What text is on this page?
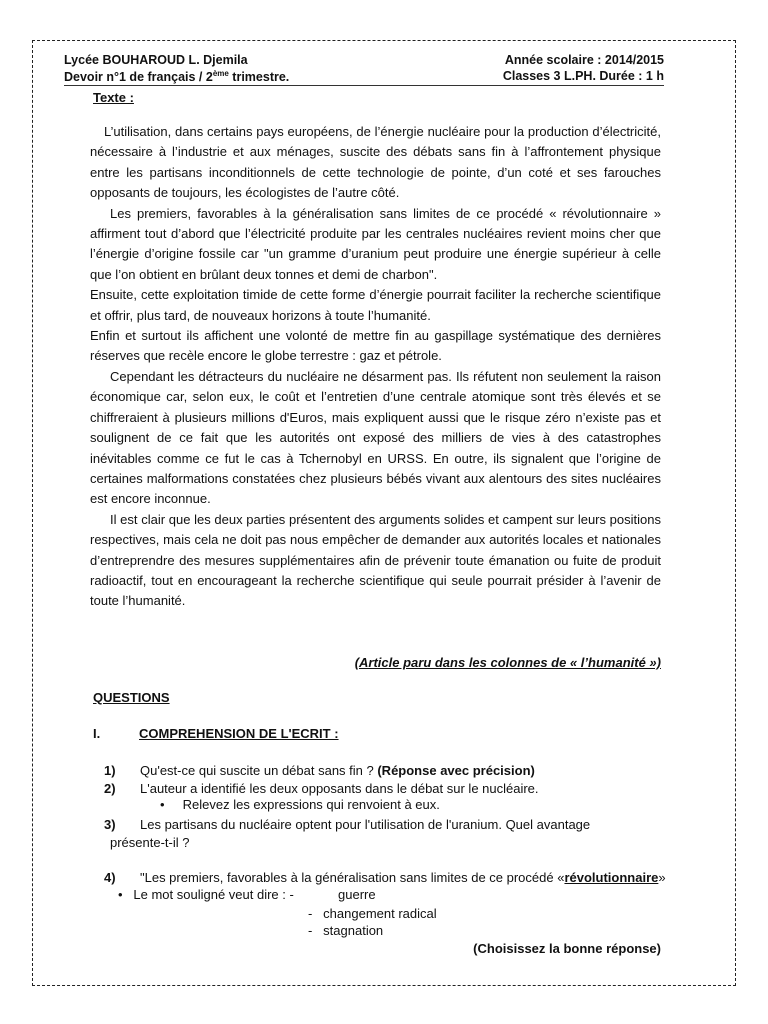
Lycée BOUHAROUD L. Djemila	Année scolaire : 2014/2015
Devoir n°1 de français / 2ème trimestre.	Classes 3 L.PH. Durée : 1 h
Texte :

L’utilisation, dans certains pays européens, de l’énergie nucléaire pour la production d’électricité, nécessaire à l’industrie et aux ménages, suscite des débats sans fin à l’affrontement physique entre les partisans inconditionnels de cette technologie de pointe, d’un coté et ses farouches opposants de toujours, les écologistes de l’autre côté.

Les premiers, favorables à la généralisation sans limites de ce procédé « révolutionnaire » affirment tout d’abord que l’électricité produite par les centrales nucléaires revient moins cher que l’énergie d’origine fossile car "un gramme d’uranium peut produire une énergie supérieur à celle que l’on obtient en brûlant deux tonnes et demi de charbon".

Ensuite, cette exploitation timide de cette forme d’énergie pourrait faciliter la recherche scientifique et offrir, plus tard, de nouveaux horizons à toute l’humanité.

Enfin et surtout ils affichent une volonté de mettre fin au gaspillage systématique des dernières réserves que recèle encore le globe terrestre : gaz et pétrole.

Cependant les détracteurs du nucléaire ne désarment pas. Ils réfutent non seulement la raison économique car, selon eux, le coût et l’entretien d’une centrale atomique sont très élevés et se chiffreraient à plusieurs millions d'Euros, mais expliquent aussi que le risque zéro n’existe pas et soulignent de ce fait que les autorités ont exposé des milliers de vies à des catastrophes inévitables comme ce fut le cas à Tchernobyl en URSS. En outre, ils signalent que l’origine de certaines malformations constatées chez plusieurs bébés vivant aux alentours des sites nucléaires est encore inconnue.

Il est clair que les deux parties présentent des arguments solides et campent sur leurs positions respectives, mais cela ne doit pas nous empêcher de demander aux autorités locales et nationales d’entreprendre des mesures supplémentaires afin de prévenir toute émanation ou fuite de produit radioactif, tout en encourageant la recherche scientifique qui seule pourrait présider à l’avenir de toute l’humanité.

(Article paru dans les colonnes de « l’humanité »)
QUESTIONS
I.	COMPREHENSION DE L'ECRIT :
1) Qu'est-ce qui suscite un débat sans fin ? (Réponse avec précision)
2) L'auteur a identifié les deux opposants dans le débat sur le nucléaire.
•     Relevez les expressions qui renvoient à eux.
3) Les partisans du nucléaire optent pour l'utilisation de l'uranium. Quel avantage
présente-t-il ?
4) "Les premiers, favorables à la généralisation sans limites de ce procédé «révolutionnaire»
•   Le mot souligné veut dire : -	guerre
-   changement radical
-   stagnation
(Choisissez la bonne réponse)
